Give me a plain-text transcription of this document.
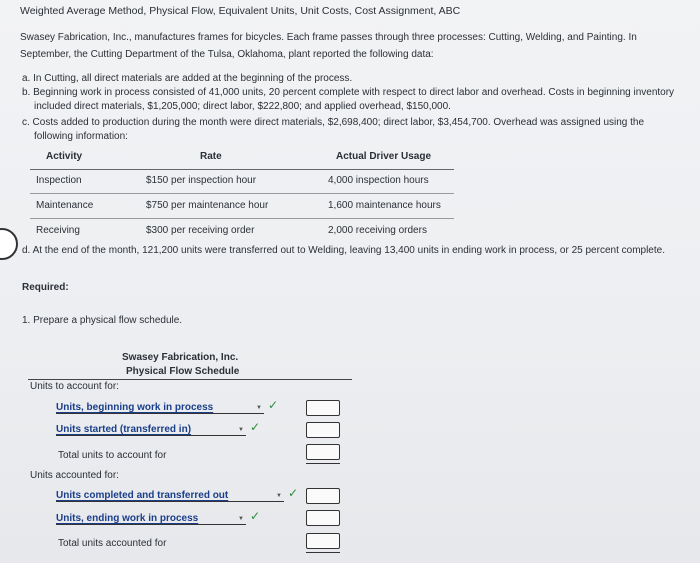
Weighted Average Method, Physical Flow, Equivalent Units, Unit Costs, Cost Assignment, ABC
Swasey Fabrication, Inc., manufactures frames for bicycles. Each frame passes through three processes: Cutting, Welding, and Painting. In September, the Cutting Department of the Tulsa, Oklahoma, plant reported the following data:
a. In Cutting, all direct materials are added at the beginning of the process.
b. Beginning work in process consisted of 41,000 units, 20 percent complete with respect to direct labor and overhead. Costs in beginning inventory included direct materials, $1,205,000; direct labor, $222,800; and applied overhead, $150,000.
c. Costs added to production during the month were direct materials, $2,698,400; direct labor, $3,454,700. Overhead was assigned using the following information:
Activity	Rate	Actual Driver Usage
Inspection	$150 per inspection hour	4,000 inspection hours
Maintenance	$750 per maintenance hour	1,600 maintenance hours
Receiving	$300 per receiving order	2,000 receiving orders
d. At the end of the month, 121,200 units were transferred out to Welding, leaving 13,400 units in ending work in process, or 25 percent complete.
Required:
1. Prepare a physical flow schedule.
Swasey Fabrication, Inc.
Physical Flow Schedule
Units to account for:
Units, beginning work in process	▼ ✓
Units started (transferred in)	▼ ✓
Total units to account for
Units accounted for:
Units completed and transferred out	▼ ✓
Units, ending work in process	▼ ✓
Total units accounted for
